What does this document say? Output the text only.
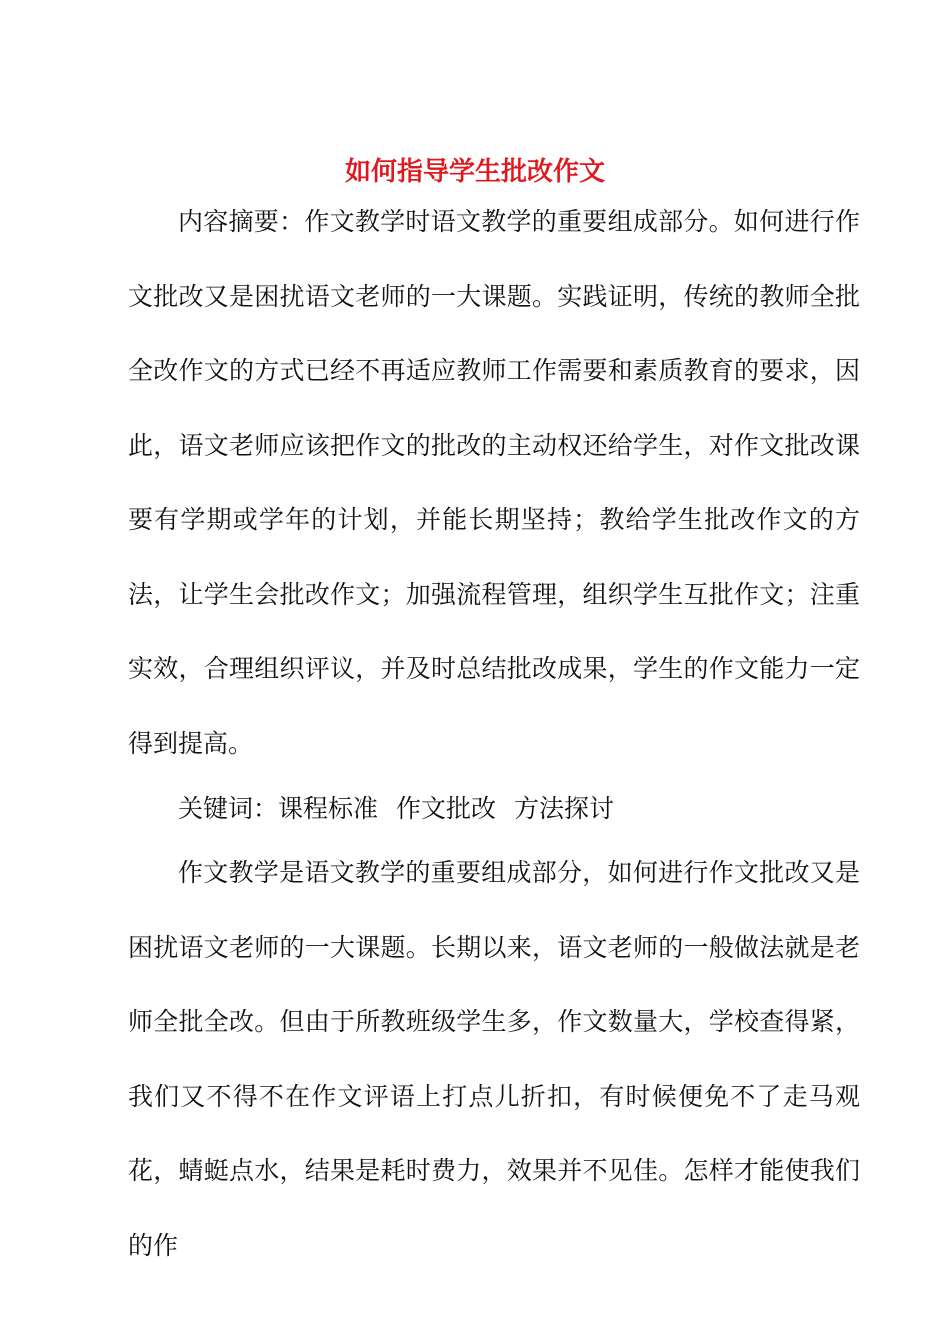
如何指导学生批改作文

内容摘要：作文教学时语文教学的重要组成部分。如何进行作文批改又是困扰语文老师的一大课题。实践证明，传统的教师全批全改作文的方式已经不再适应教师工作需要和素质教育的要求，因此，语文老师应该把作文的批改的主动权还给学生，对作文批改课要有学期或学年的计划，并能长期坚持；教给学生批改作文的方法，让学生会批改作文；加强流程管理，组织学生互批作文；注重实效，合理组织评议，并及时总结批改成果，学生的作文能力一定得到提高。

关键词：课程标准 作文批改 方法探讨

作文教学是语文教学的重要组成部分，如何进行作文批改又是困扰语文老师的一大课题。长期以来，语文老师的一般做法就是老师全批全改。但由于所教班级学生多，作文数量大，学校查得紧，我们又不得不在作文评语上打点儿折扣，有时候便免不了走马观花，蜻蜓点水，结果是耗时费力，效果并不见佳。怎样才能使我们的作
